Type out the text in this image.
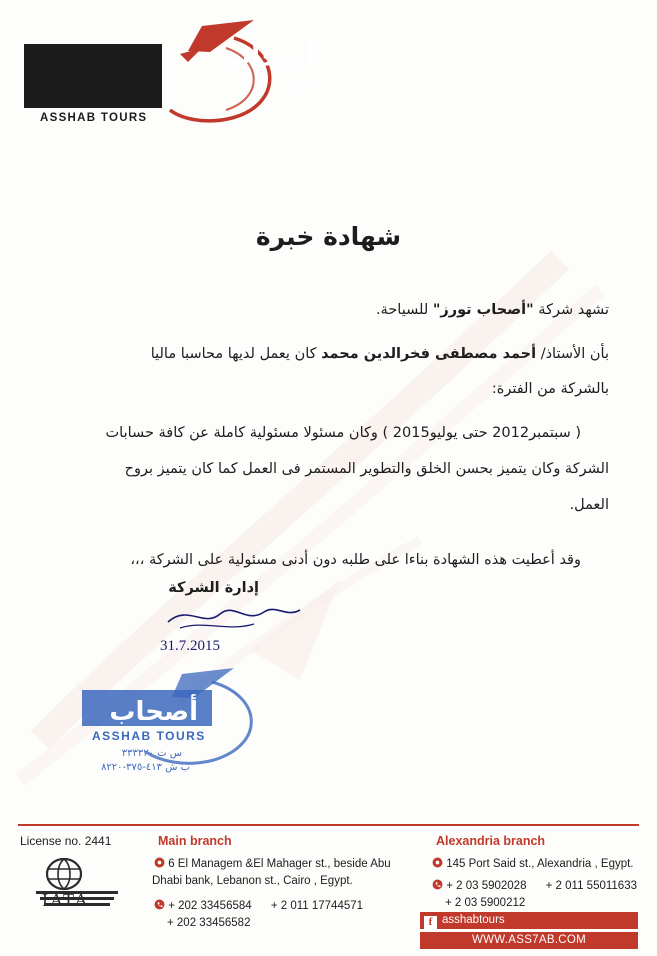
أصحاب
تورز
ASSHAB TOURS
شهادة خبرة

تشهد شركة "أصحاب تورز" للسياحة.

بأن الأستاذ/ أحمد مصطفى فخرالدين محمد كان يعمل لديها محاسبا ماليا

بالشركة من الفترة:

( سبتمبر2012 حتى يوليو2015 ) وكان مسئولا مسئولية كاملة عن كافة حسابات

الشركة وكان يتميز بحسن الخلق والتطوير المستمر فى العمل كما كان يتميز بروح

العمل.

وقد أعطيت هذه الشهادة بناءا على طلبه دون أدنى مسئولية على الشركة ،،،

إدارة الشركة
31.7.2015
أصحاب
ASSHAB TOURS
س ت ٣٣٣٣٢٠
ب ش ٤١٣-٣٧٥-٨٢٢٠
License no. 2441
IATA
Main branch
6 El Managem &El Mahager st., beside Abu Dhabi bank, Lebanon st., Cairo , Egypt.
+ 202 33456584 + 2 011 17744571
+ 202 33456582
Alexandria branch
145 Port Said st., Alexandria , Egypt.
+ 2 03 5902028 + 2 011 55011633
+ 2 03 5900212
f asshabtours
WWW.ASS7AB.COM
